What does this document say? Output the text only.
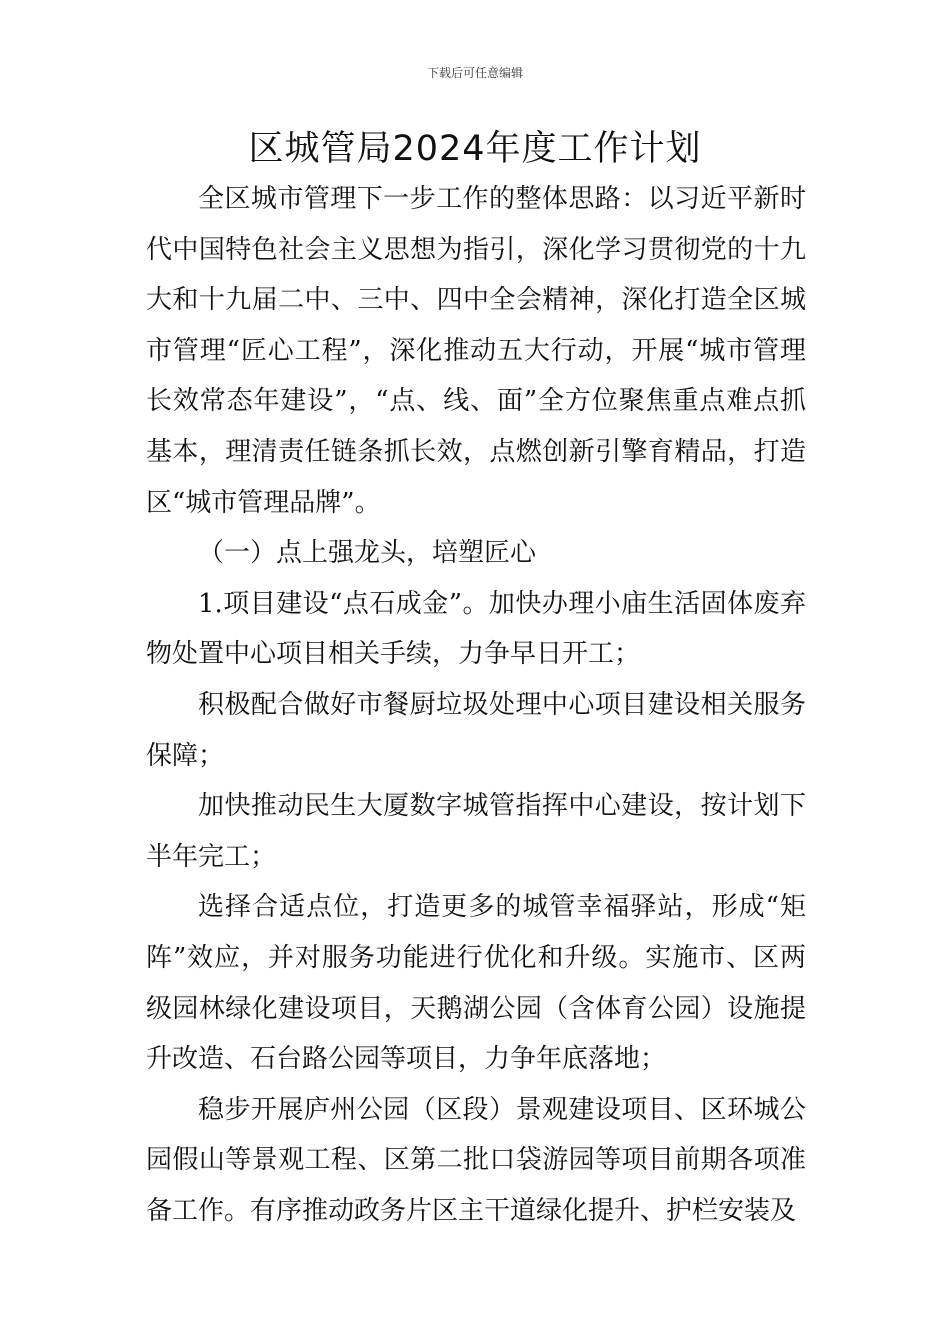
下载后可任意编辑
区城管局2024年度工作计划

全区城市管理下一步工作的整体思路：以习近平新时代中国特色社会主义思想为指引，深化学习贯彻党的十九大和十九届二中、三中、四中全会精神，深化打造全区城市管理“匠心工程”，深化推动五大行动，开展“城市管理长效常态年建设”，“点、线、面”全方位聚焦重点难点抓基本，理清责任链条抓长效，点燃创新引擎育精品，打造区“城市管理品牌”。

（一）点上强龙头，培塑匠心

1.项目建设“点石成金”。加快办理小庙生活固体废弃物处置中心项目相关手续，力争早日开工；

积极配合做好市餐厨垃圾处理中心项目建设相关服务保障；

加快推动民生大厦数字城管指挥中心建设，按计划下半年完工；

选择合适点位，打造更多的城管幸福驿站，形成“矩阵”效应，并对服务功能进行优化和升级。实施市、区两级园林绿化建设项目，天鹅湖公园（含体育公园）设施提升改造、石台路公园等项目，力争年底落地；

稳步开展庐州公园（区段）景观建设项目、区环城公园假山等景观工程、区第二批口袋游园等项目前期各项准备工作。有序推动政务片区主干道绿化提升、护栏安装及
